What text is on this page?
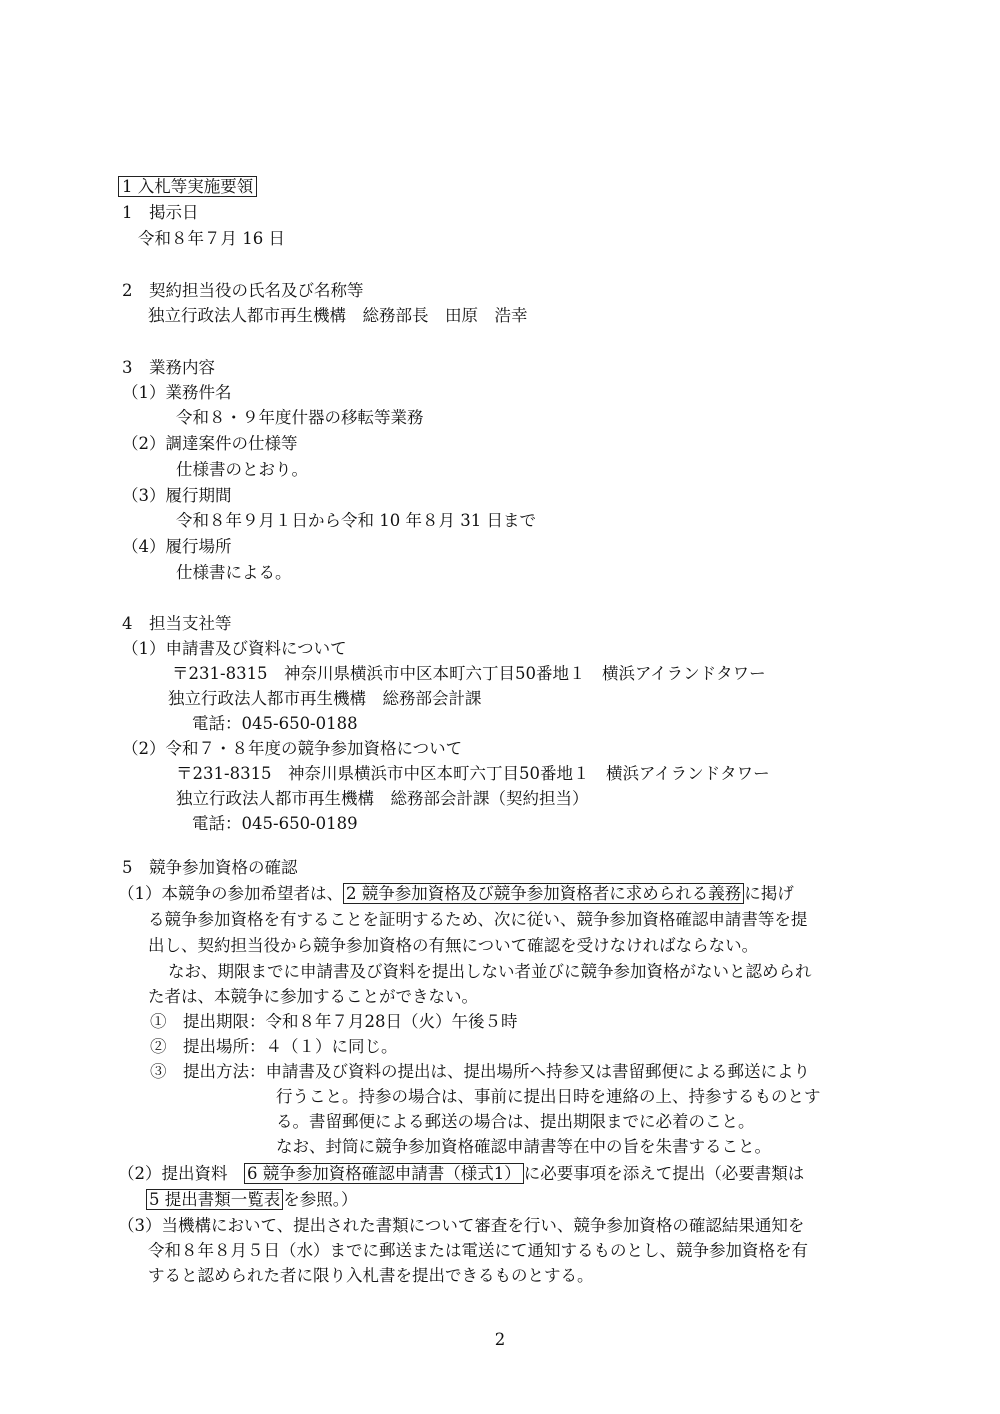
1 入札等実施要領
1　掲示日
令和８年７月 16 日
2　契約担当役の氏名及び名称等
独立行政法人都市再生機構　総務部長　田原　浩幸
3　業務内容
（1）業務件名
令和８・９年度什器の移転等業務
（2）調達案件の仕様等
仕様書のとおり。
（3）履行期間
令和８年９月１日から令和 10 年８月 31 日まで
（4）履行場所
仕様書による。
4　担当支社等
（1）申請書及び資料について
〒231-8315　神奈川県横浜市中区本町六丁目50番地１　横浜アイランドタワー
独立行政法人都市再生機構　総務部会計課
電話：045-650-0188
（2）令和７・８年度の競争参加資格について
〒231-8315　神奈川県横浜市中区本町六丁目50番地１　横浜アイランドタワー
独立行政法人都市再生機構　総務部会計課（契約担当）
電話：045-650-0189
5　競争参加資格の確認
（1）本競争の参加希望者は、 2 競争参加資格及び競争参加資格者に求められる義務 に掲げ
る競争参加資格を有することを証明するため、次に従い、競争参加資格確認申請書等を提
出し、契約担当役から競争参加資格の有無について確認を受けなければならない。
なお、期限までに申請書及び資料を提出しない者並びに競争参加資格がないと認められ
た者は、本競争に参加することができない。
①　提出期限：令和８年７月28日（火）午後５時
②　提出場所：４（１）に同じ。
③　提出方法：申請書及び資料の提出は、提出場所へ持参又は書留郵便による郵送により
行うこと。持参の場合は、事前に提出日時を連絡の上、持参するものとす
る。書留郵便による郵送の場合は、提出期限までに必着のこと。
なお、封筒に競争参加資格確認申請書等在中の旨を朱書すること。
（2）提出資料　6 競争参加資格確認申請書（様式1） に必要事項を添えて提出（必要書類は
5 提出書類一覧表 を参照。）
（3）当機構において、提出された書類について審査を行い、競争参加資格の確認結果通知を
令和８年８月５日（水）までに郵送または電送にて通知するものとし、競争参加資格を有
すると認められた者に限り入札書を提出できるものとする。
2
